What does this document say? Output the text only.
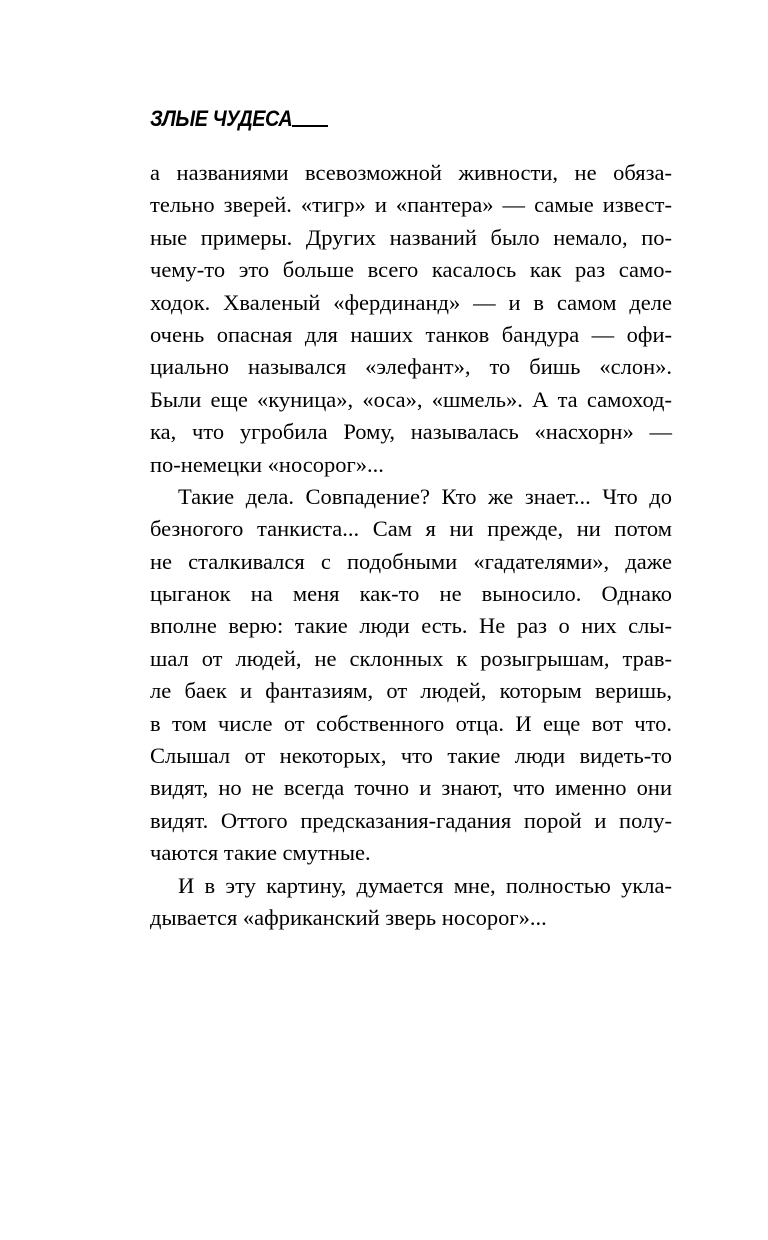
ЗЛЫЕ ЧУДЕСА
а названиями всевозможной живности, не обяза-
тельно зверей. «тигр» и «пантера» — самые извест-
ные примеры. Других названий было немало, по-
чему-то это больше всего касалось как раз само-
ходок. Хваленый «фердинанд» — и в самом деле
очень опасная для наших танков бандура — офи-
циально назывался «элефант», то бишь «слон».
Были еще «куница», «оса», «шмель». А та самоход-
ка, что угробила Рому, называлась «насхорн» —
по-немецки «носорог»...
Такие дела. Совпадение? Кто же знает... Что до
безногого танкиста... Сам я ни прежде, ни потом
не сталкивался с подобными «гадателями», даже
цыганок на меня как-то не выносило. Однако
вполне верю: такие люди есть. Не раз о них слы-
шал от людей, не склонных к розыгрышам, трав-
ле баек и фантазиям, от людей, которым веришь,
в том числе от собственного отца. И еще вот что.
Слышал от некоторых, что такие люди видеть-то
видят, но не всегда точно и знают, что именно они
видят. Оттого предсказания-гадания порой и полу-
чаются такие смутные.
И в эту картину, думается мне, полностью укла-
дывается «африканский зверь носорог»...
